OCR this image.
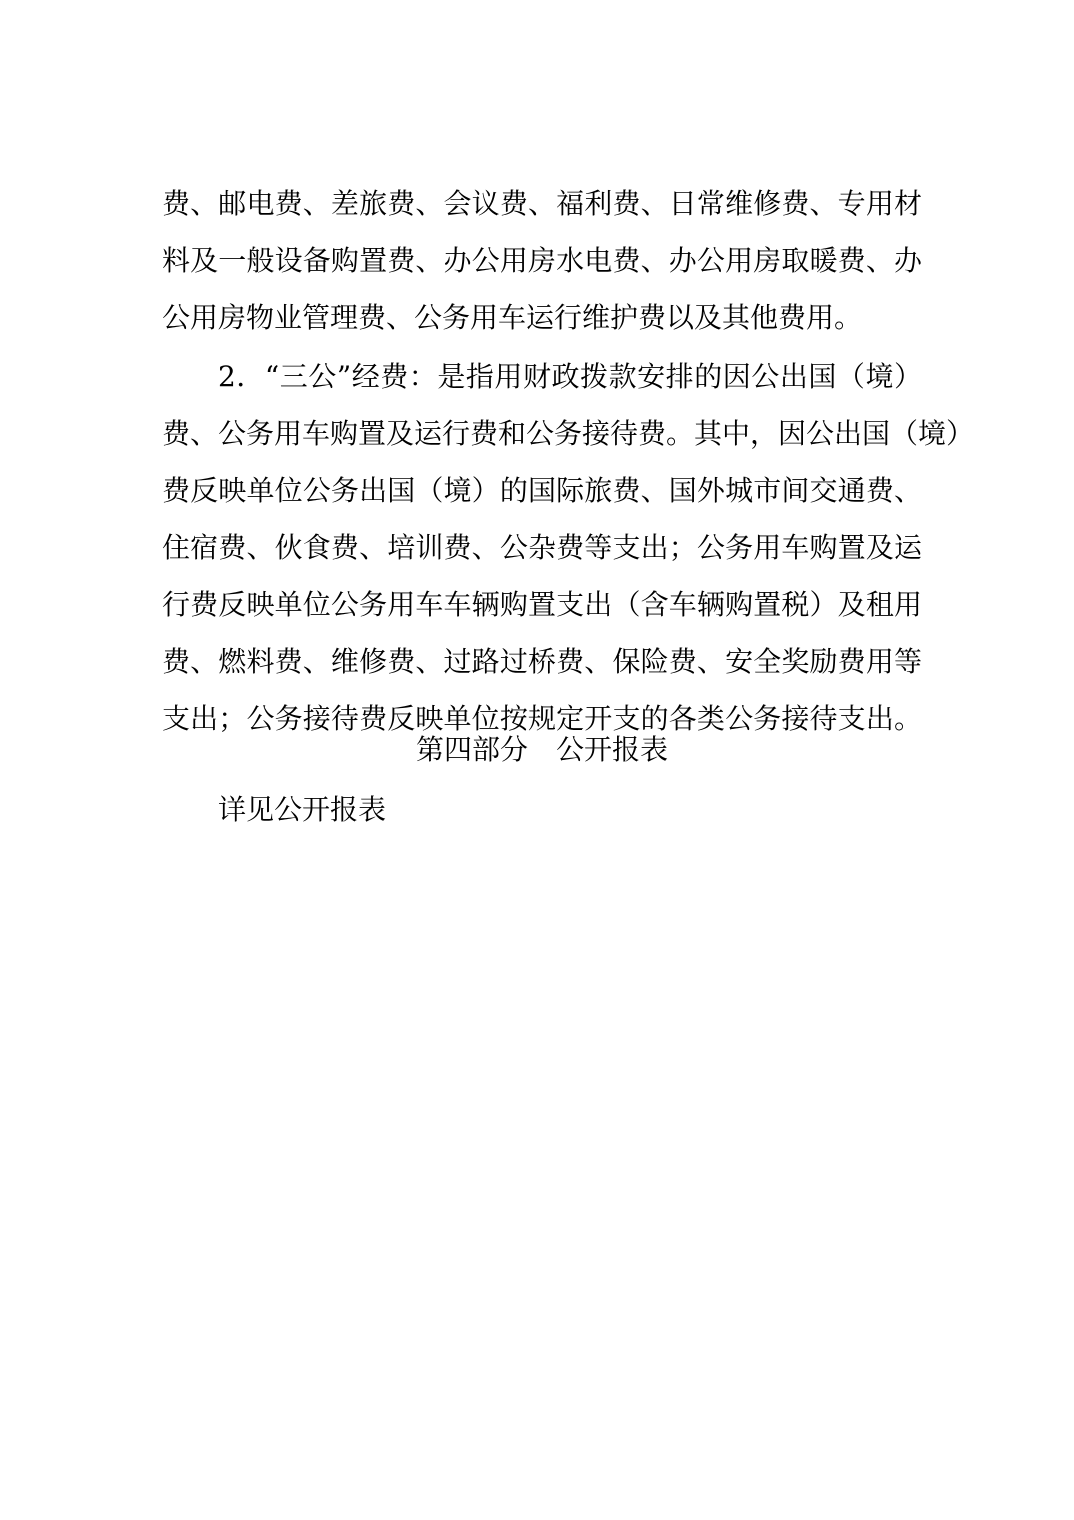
费、邮电费、差旅费、会议费、福利费、日常维修费、专用材
料及一般设备购置费、办公用房水电费、办公用房取暖费、办
公用房物业管理费、公务用车运行维护费以及其他费用。
2．“三公”经费：是指用财政拨款安排的因公出国（境）
费、公务用车购置及运行费和公务接待费。其中，因公出国（境）
费反映单位公务出国（境）的国际旅费、国外城市间交通费、
住宿费、伙食费、培训费、公杂费等支出；公务用车购置及运
行费反映单位公务用车车辆购置支出（含车辆购置税）及租用
费、燃料费、维修费、过路过桥费、保险费、安全奖励费用等
支出；公务接待费反映单位按规定开支的各类公务接待支出。
第四部分　公开报表
详见公开报表
